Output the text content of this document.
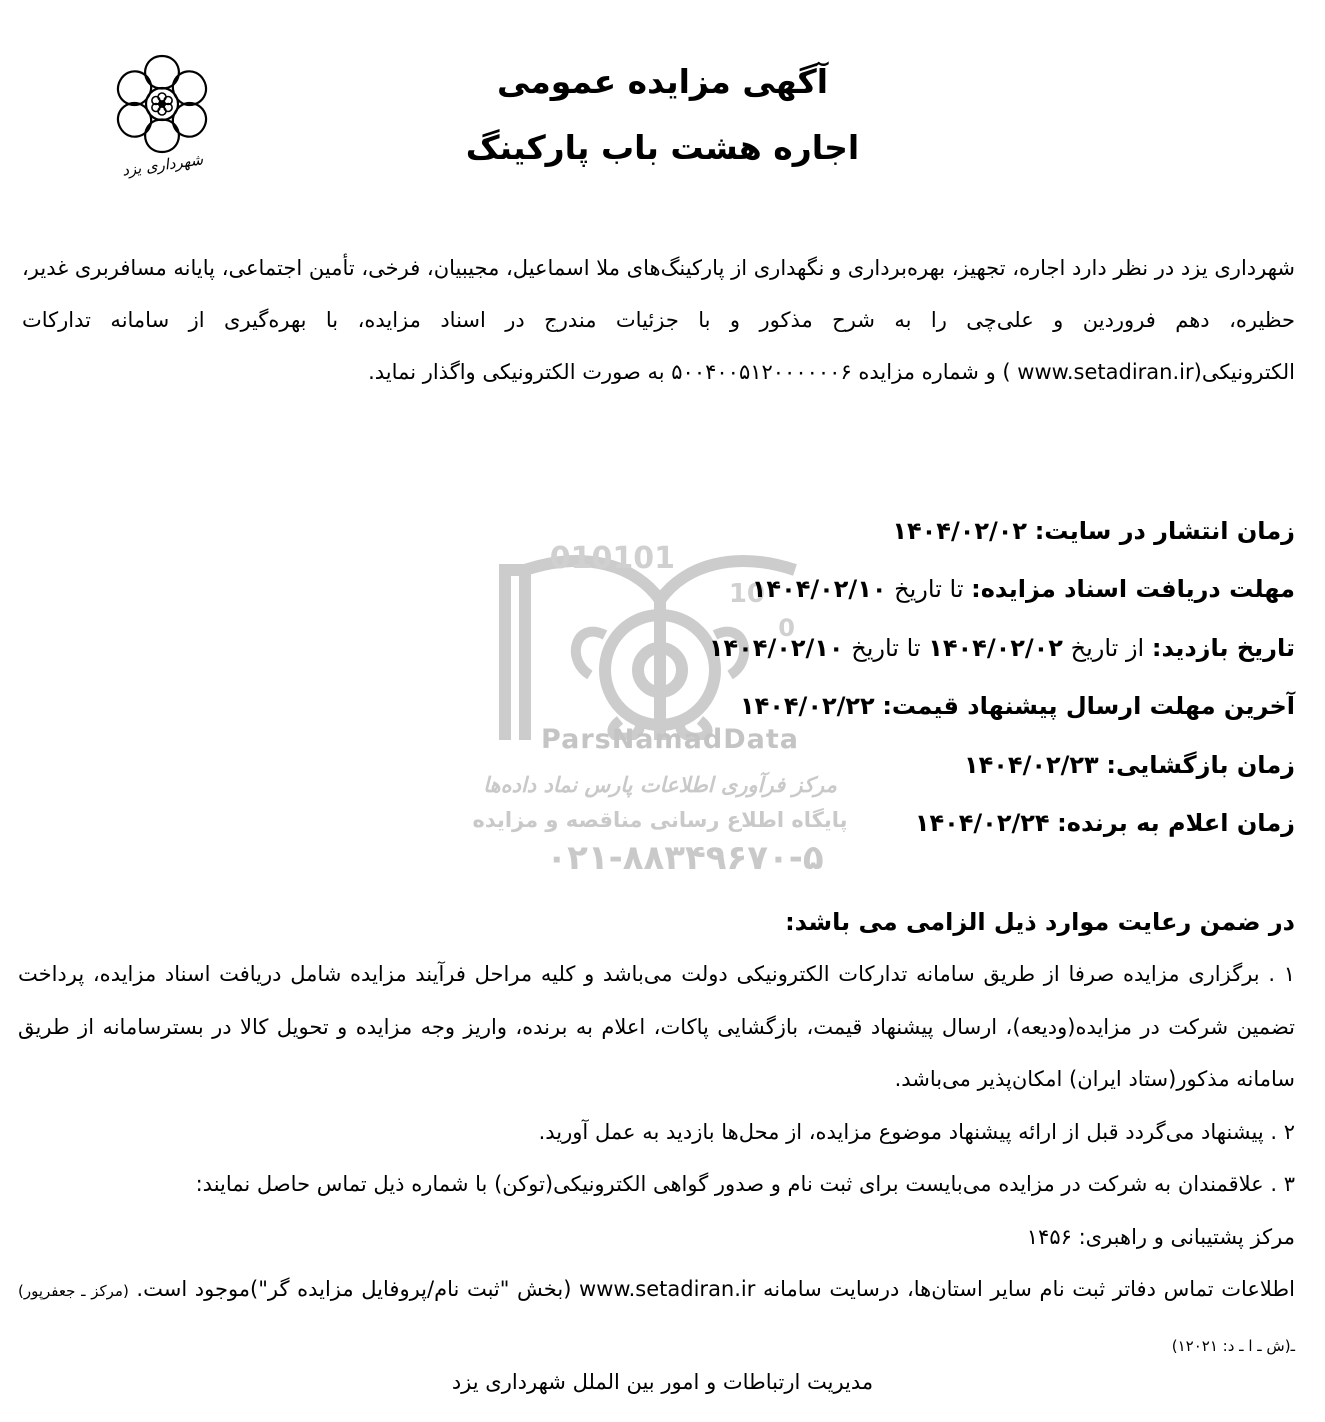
شهرداری یزد
آگهی مزایده عمومی
اجاره هشت باب پارکینگ
شهرداری یزد در نظر دارد اجاره، تجهیز، بهره‌برداری و نگهداری از پارکینگ‌های ملا اسماعیل، مجیبیان، فرخی، تأمین اجتماعی، پایانه مسافربری غدیر، حظیره، دهم فروردین و علی‌چی را به شرح مذکور و با جزئیات مندرج در اسناد مزایده، با بهره‌گیری از سامانه تدارکات الکترونیکی(www.setadiran.ir ) و شماره مزایده ۵۰۰۴۰۰۵۱۲۰۰۰۰۰۰۶ به صورت الکترونیکی واگذار نماید.
010101
10
0
ParsNamadData
مرکز فرآوری اطلاعات پارس نماد داده‌ها
پایگاه اطلاع رسانی مناقصه و مزایده
۰۲۱-۸۸۳۴۹۶۷۰-۵
زمان انتشار در سایت: ۱۴۰۴/۰۲/۰۲
مهلت دریافت اسناد مزایده: تا تاریخ ۱۴۰۴/۰۲/۱۰
تاریخ بازدید: از تاریخ ۱۴۰۴/۰۲/۰۲ تا تاریخ ۱۴۰۴/۰۲/۱۰
آخرین مهلت ارسال پیشنهاد قیمت: ۱۴۰۴/۰۲/۲۲
زمان بازگشایی: ۱۴۰۴/۰۲/۲۳
زمان اعلام به برنده: ۱۴۰۴/۰۲/۲۴
در ضمن رعایت موارد ذیل الزامی می باشد:
۱ . برگزاری مزایده صرفا از طریق سامانه تدارکات الکترونیکی دولت می‌باشد و کلیه مراحل فرآیند مزایده شامل دریافت اسناد مزایده، پرداخت تضمین شرکت در مزایده(ودیعه)، ارسال پیشنهاد قیمت، بازگشایی پاکات، اعلام به برنده، واریز وجه مزایده و تحویل کالا در بسترسامانه از طریق سامانه مذکور(ستاد ایران) امکان‌پذیر می‌باشد.
۲ . پیشنهاد می‌گردد قبل از ارائه پیشنهاد موضوع مزایده، از محل‌ها بازدید به عمل آورید.
۳ . علاقمندان به شرکت در مزایده می‌بایست برای ثبت نام و صدور گواهی الکترونیکی(توکن) با شماره ذیل تماس حاصل نمایند:
مرکز پشتیبانی و راهبری: ۱۴۵۶
اطلاعات تماس دفاتر ثبت نام سایر استان‌ها، درسایت سامانه www.setadiran.ir (بخش "ثبت نام/پروفایل مزایده گر")موجود است. (مرکز ـ جعفرپور) ـ(ش ـ ا ـ د: ۱۲۰۲۱)
مدیریت ارتباطات و امور بین الملل شهرداری یزد
